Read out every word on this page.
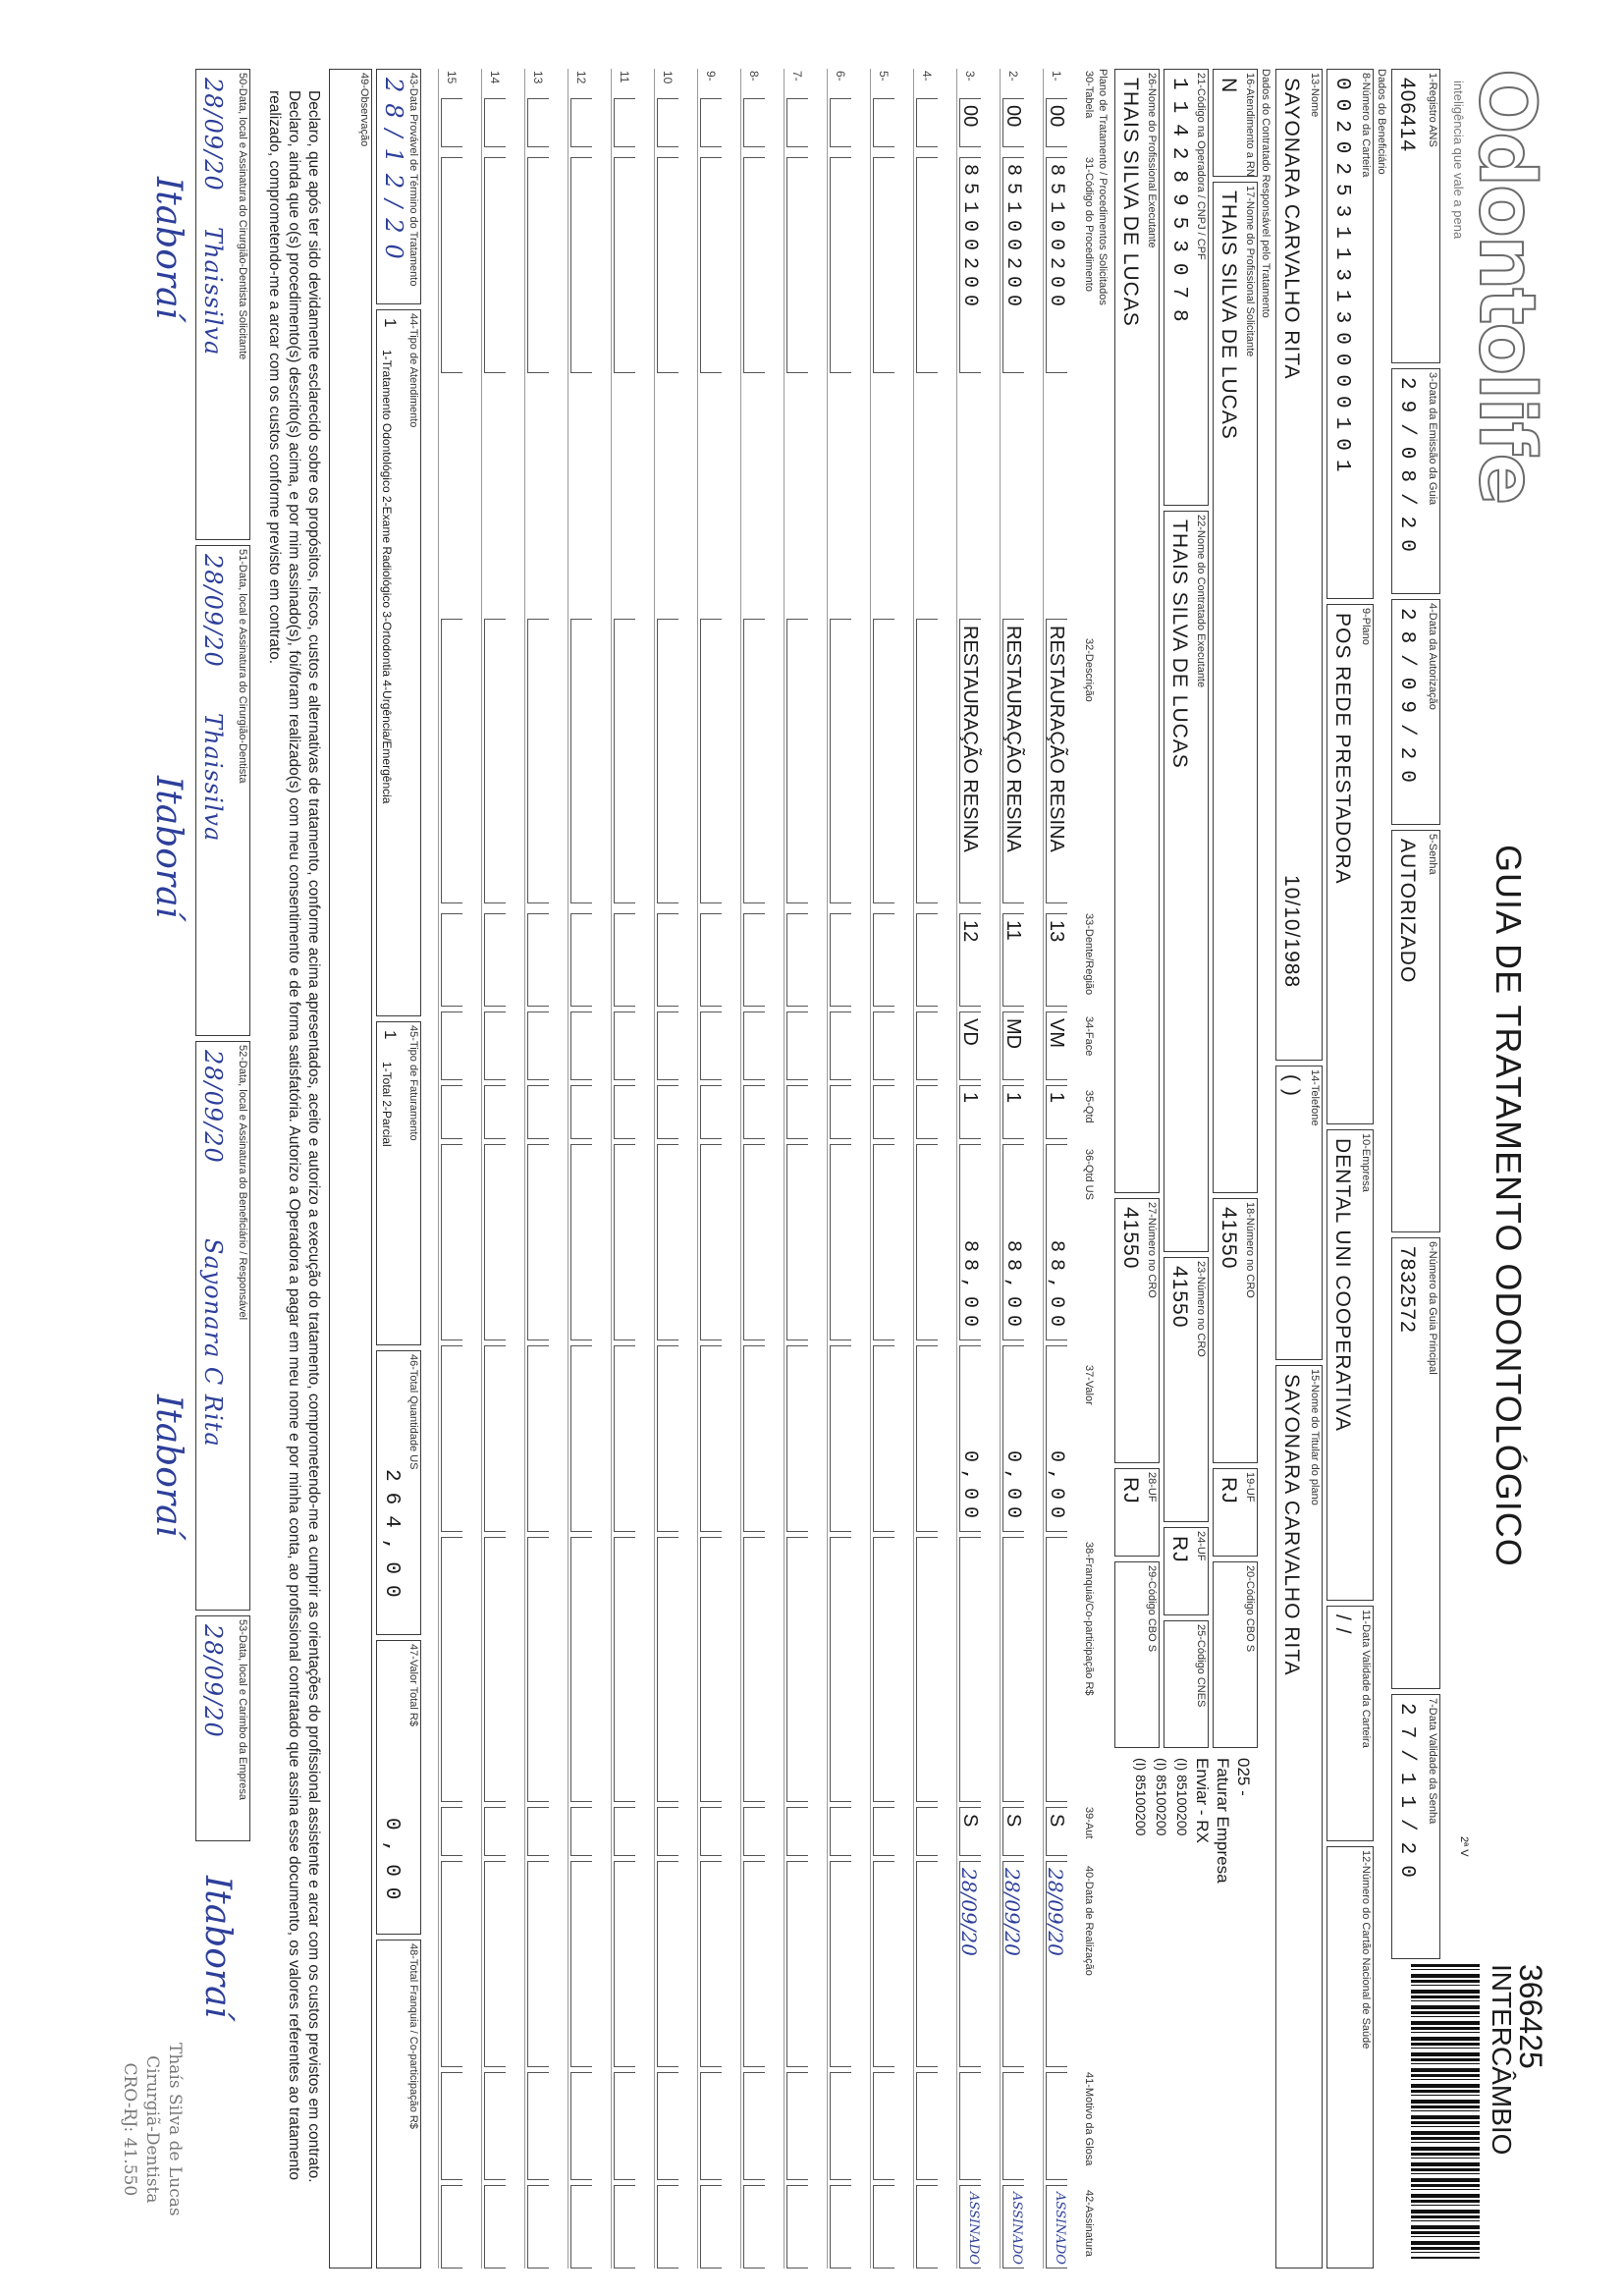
Odontolife
inteligência que vale a pena
GUIA DE TRATAMENTO ODONTOLÓGICO
366425
INTERCÂMBIO
2ª V
1-Registro ANS
406414
3-Data da Emissão da Guia
29/08/20
4-Data da Autorização
28/09/20
5-Senha
AUTORIZADO
6-Número da Guia Principal
7832572
7-Data Validade da Senha
27/11/20
Dados do Beneficiário
8-Número da Carteira
0020253113130000101
9-Plano
POS REDE PRESTADORA
10-Empresa
DENTAL UNI COOPERATIVA
11-Data Validade da Carteira
/ /
12-Número do Cartão Nacional de Saúde
13-Nome
SAYONARA CARVALHO RITA
10/10/1988
14-Telefone
( )
15-Nome do Titular do plano
SAYONARA CARVALHO RITA
Dados do Contratado Responsável pelo Tratamento
16-Atendimento a RN
N
17-Nome do Profissional Solicitante
THAIS SILVA DE LUCAS
18-Número no CRO
41550
19-UF
RJ
20-Código CBO S
21-Código na Operadora / CNPJ / CPF
11428953078
22-Nome do Contratado Executante
THAIS SILVA DE LUCAS
23-Número no CRO
41550
24-UF
RJ
25-Código CNES
26-Nome do Profissional Executante
THAIS SILVA DE LUCAS
27-Número no CRO
41550
28-UF
RJ
29-Código CBO S
025 -
Faturar Empresa
Enviar - RX
(I) 85100200
(I) 85100200
(I) 85100200
Plano de Tratamento / Procedimentos Solicitados
30-Tabela
31-Código do Procedimento
32-Descrição
33-Dente/Região
34-Face
35-Qtd
36-Qtd US
37-Valor
38-Franquia/Co-participação R$
39-Aut
40-Data de Realização
41-Motivo da Glosa
42-Assinatura
1-
00
85100200
RESTAURAÇÃO RESINA
13
VM
1
88,00
0,00
S
28/09/20
ASSINADO
2-
00
85100200
RESTAURAÇÃO RESINA
11
MD
1
88,00
0,00
S
28/09/20
ASSINADO
3-
00
85100200
RESTAURAÇÃO RESINA
12
VD
1
88,00
0,00
S
28/09/20
ASSINADO
4-
5-
6-
7-
8-
9-
10
11
12
13
14
15
43-Data Provável de Término do Tratamento
28/12/20
44-Tipo de Atendimento
1
1-Tratamento Odontológico 2-Exame Radiológico 3-Ortodontia 4-Urgência/Emergência
45-Tipo de Faturamento
1
1-Total 2-Parcial
46-Total Quantidade US
264,00
47-Valor Total R$
0,00
48-Total Franquia / Co-participação R$
49-Observação
Declaro, que após ter sido devidamente esclarecido sobre os propósitos, riscos, custos e alternativas de tratamento, conforme acima apresentados, aceito e autorizo a execução do tratamento, comprometendo-me a cumprir as orientações do profissional assistente e arcar com os custos previstos em contrato. Declaro, ainda que o(s) procedimento(s) descrito(s) acima, e por mim assinado(s), foi/foram realizado(s) com meu consentimento e de forma satisfatória. Autorizo a Operadora a pagar em meu nome e por minha conta, ao profissional contratado que assina esse documento, os valores referentes ao tratamento realizado, comprometendo-me a arcar com os custos conforme previsto em contrato.
50-Data, local e Assinatura do Cirurgião-Dentista Solicitante
28/09/20
Thaissilva
51-Data, local e Assinatura do Cirurgião-Dentista
28/09/20
Thaissilva
52-Data, local e Assinatura do Beneficiário / Responsável
28/09/20
Sayonara C Rita
53-Data, local e Carimbo da Empresa
28/09/20
Itaboraí
Itaboraí
Itaboraí
Itaboraí
Thaís Silva de Lucas
Cirurgiã-Dentista
CRO-RJ: 41.550
